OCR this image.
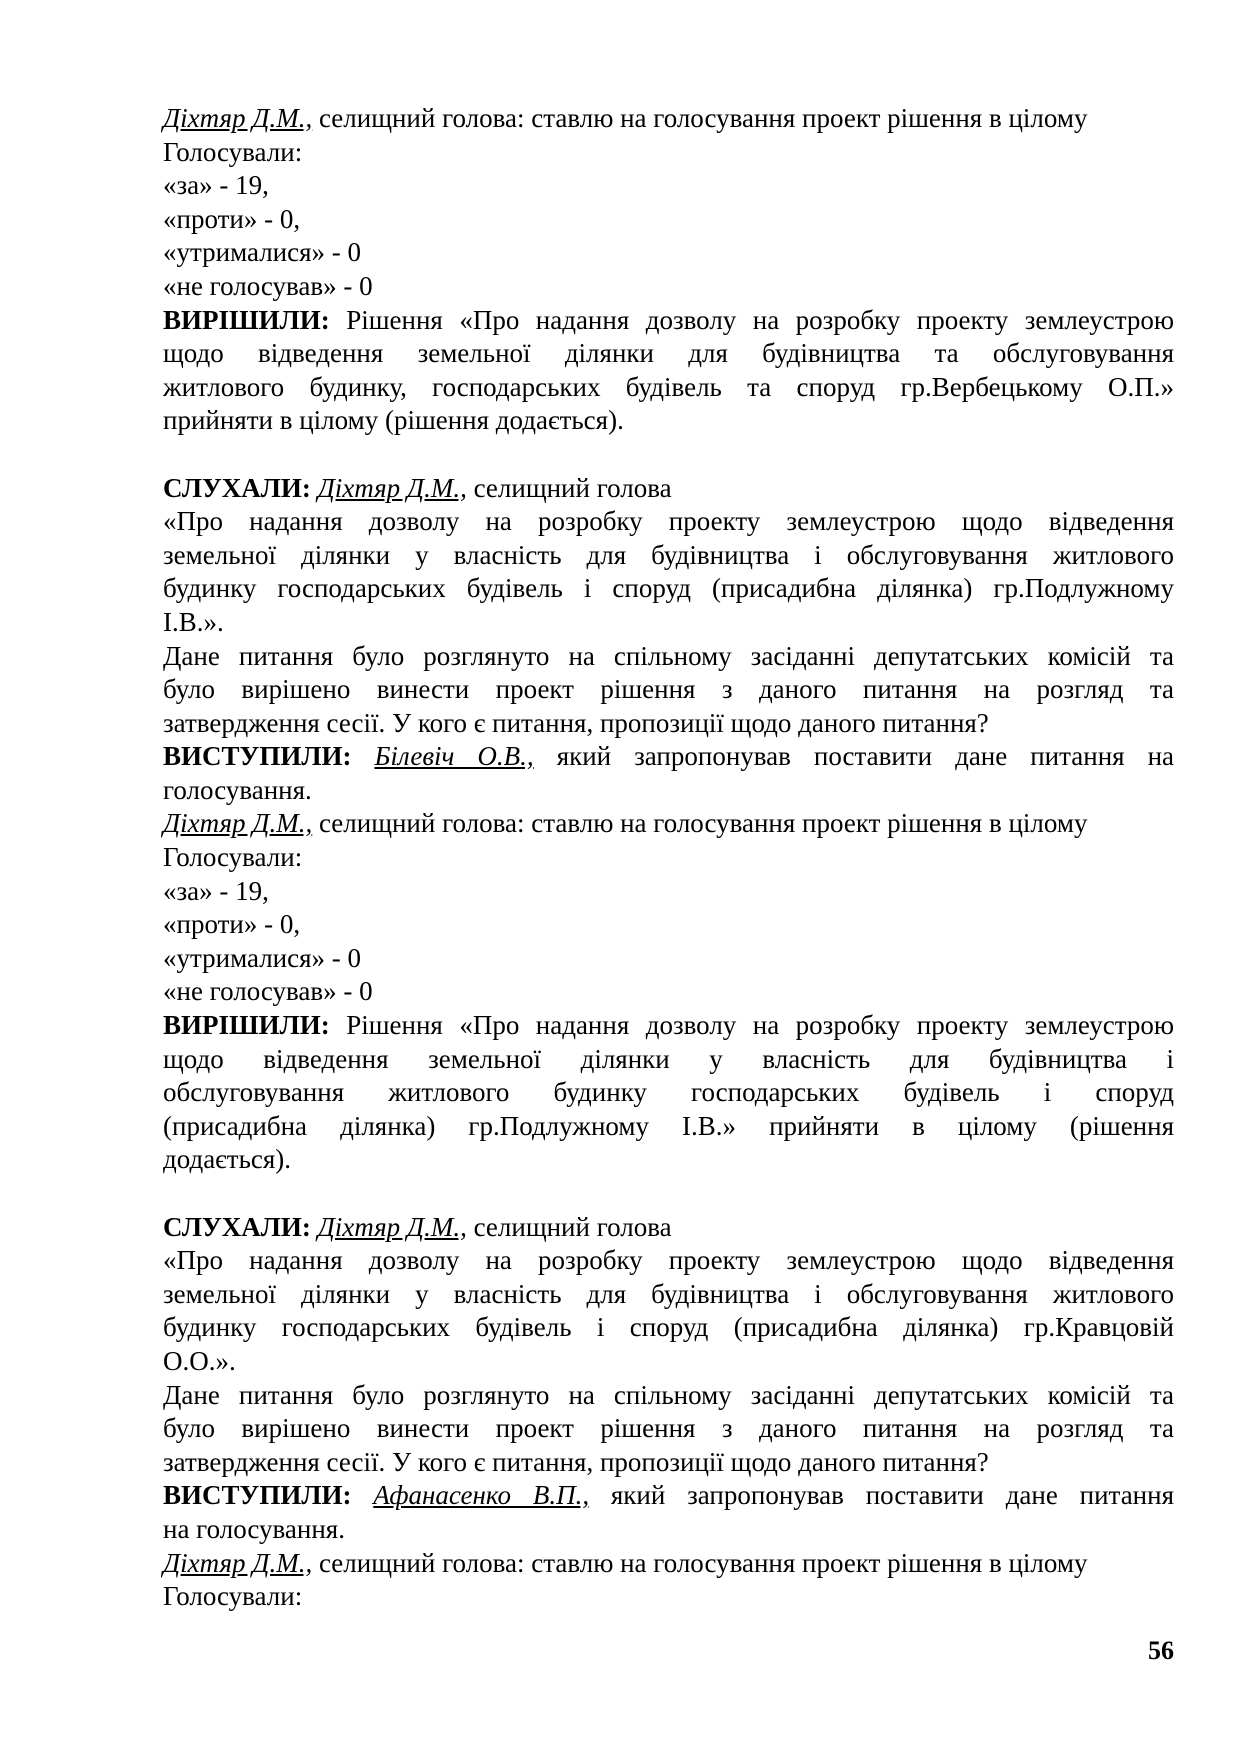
Діхтяр Д.М., селищний голова: ставлю на голосування проект рішення в цілому
Голосували:
«за» - 19,
«проти» - 0,
«утрималися» - 0
«не голосував» - 0
ВИРІШИЛИ: Рішення «Про надання дозволу на розробку проекту землеустрою
щодо відведення земельної ділянки для будівництва та обслуговування
житлового будинку, господарських будівель та споруд гр.Вербецькому О.П.»
прийняти в цілому (рішення додається).
СЛУХАЛИ: Діхтяр Д.М., селищний голова
«Про надання дозволу на розробку проекту землеустрою щодо відведення
земельної ділянки у власність для будівництва і обслуговування житлового
будинку господарських будівель і споруд (присадибна ділянка) гр.Подлужному
І.В.».
Дане питання було розглянуто на спільному засіданні депутатських комісій та
було вирішено винести проект рішення з даного питання на розгляд та
затвердження сесії. У кого є питання, пропозиції щодо даного питання?
ВИСТУПИЛИ: Білевіч О.В., який запропонував поставити дане питання на
голосування.
Діхтяр Д.М., селищний голова: ставлю на голосування проект рішення в цілому
Голосували:
«за» - 19,
«проти» - 0,
«утрималися» - 0
«не голосував» - 0
ВИРІШИЛИ: Рішення «Про надання дозволу на розробку проекту землеустрою
щодо відведення земельної ділянки у власність для будівництва і
обслуговування житлового будинку господарських будівель і споруд
(присадибна ділянка) гр.Подлужному І.В.» прийняти в цілому (рішення
додається).
СЛУХАЛИ: Діхтяр Д.М., селищний голова
«Про надання дозволу на розробку проекту землеустрою щодо відведення
земельної ділянки у власність для будівництва і обслуговування житлового
будинку господарських будівель і споруд (присадибна ділянка) гр.Кравцовій
О.О.».
Дане питання було розглянуто на спільному засіданні депутатських комісій та
було вирішено винести проект рішення з даного питання на розгляд та
затвердження сесії. У кого є питання, пропозиції щодо даного питання?
ВИСТУПИЛИ: Афанасенко В.П., який запропонував поставити дане питання
на голосування.
Діхтяр Д.М., селищний голова: ставлю на голосування проект рішення в цілому
Голосували:
56
